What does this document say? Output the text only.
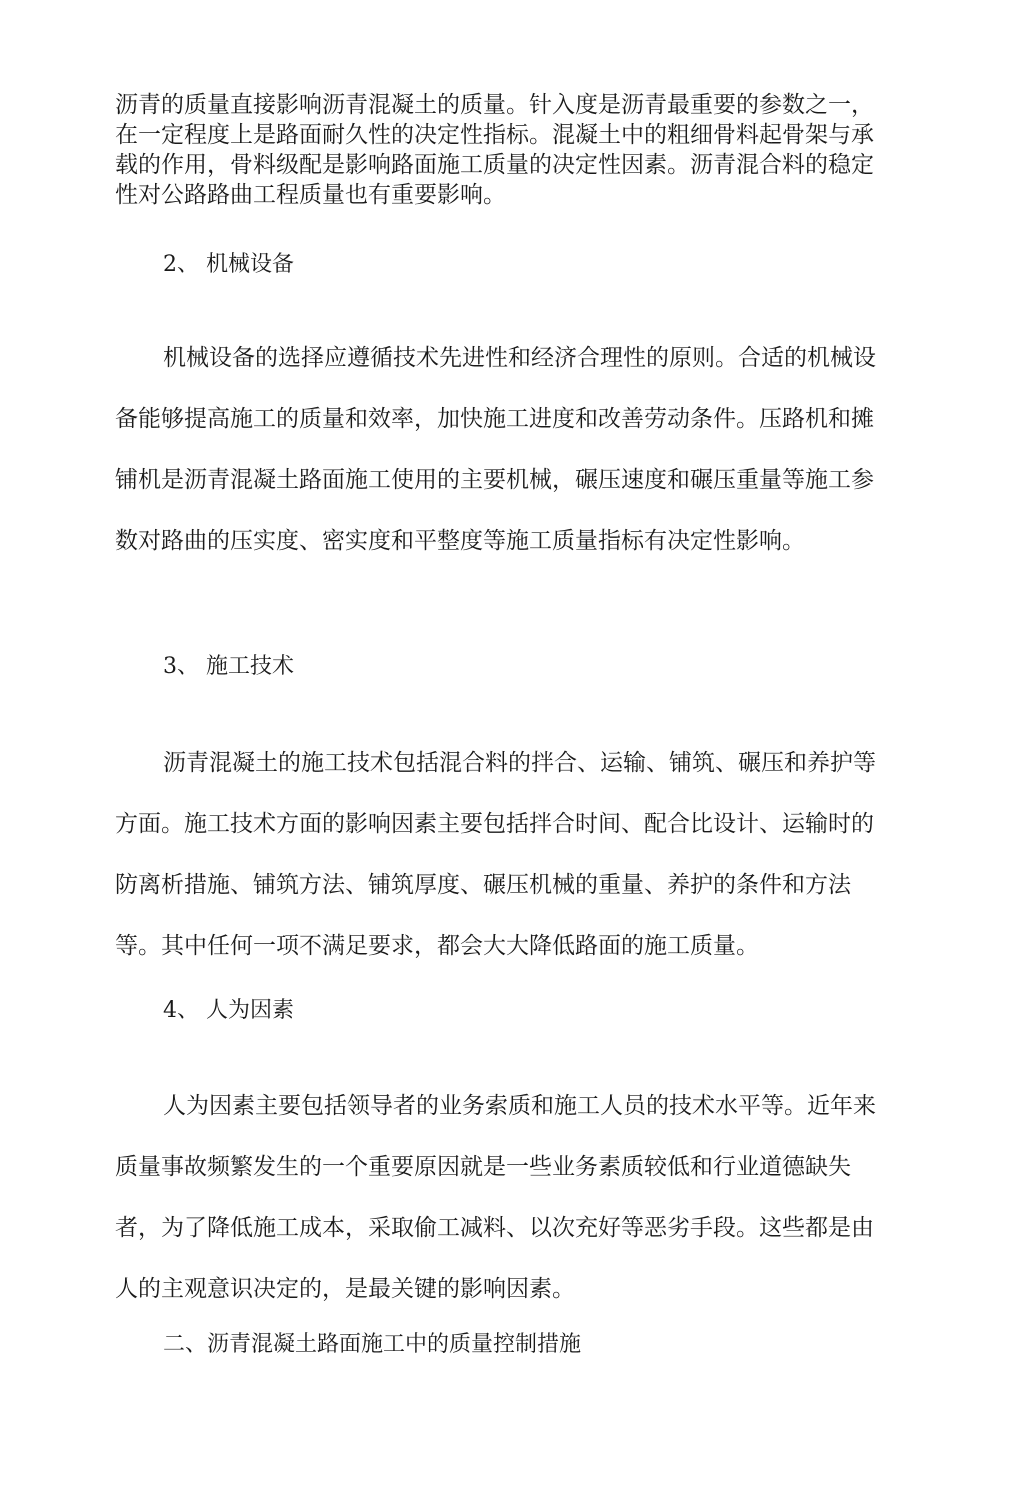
沥青的质量直接影响沥青混凝土的质量。针入度是沥青最重要的参数之一，在一定程度上是路面耐久性的决定性指标。混凝土中的粗细骨料起骨架与承载的作用，骨料级配是影响路面施工质量的决定性因素。沥青混合料的稳定性对公路路曲工程质量也有重要影响。

2、 机械设备

机械设备的选择应遵循技术先进性和经济合理性的原则。合适的机械设备能够提高施工的质量和效率，加快施工进度和改善劳动条件。压路机和摊铺机是沥青混凝土路面施工使用的主要机械，碾压速度和碾压重量等施工参数对路曲的压实度、密实度和平整度等施工质量指标有决定性影响。

3、 施工技术

沥青混凝土的施工技术包括混合料的拌合、运输、铺筑、碾压和养护等方面。施工技术方面的影响因素主要包括拌合时间、配合比设计、运输时的防离析措施、铺筑方法、铺筑厚度、碾压机械的重量、养护的条件和方法等。其中任何一项不满足要求，都会大大降低路面的施工质量。

4、 人为因素

人为因素主要包括领导者的业务索质和施工人员的技术水平等。近年来质量事故频繁发生的一个重要原因就是一些业务素质较低和行业道德缺失者，为了降低施工成本，采取偷工减料、以次充好等恶劣手段。这些都是由人的主观意识决定的，是最关键的影响因素。

二、沥青混凝土路面施工中的质量控制措施
